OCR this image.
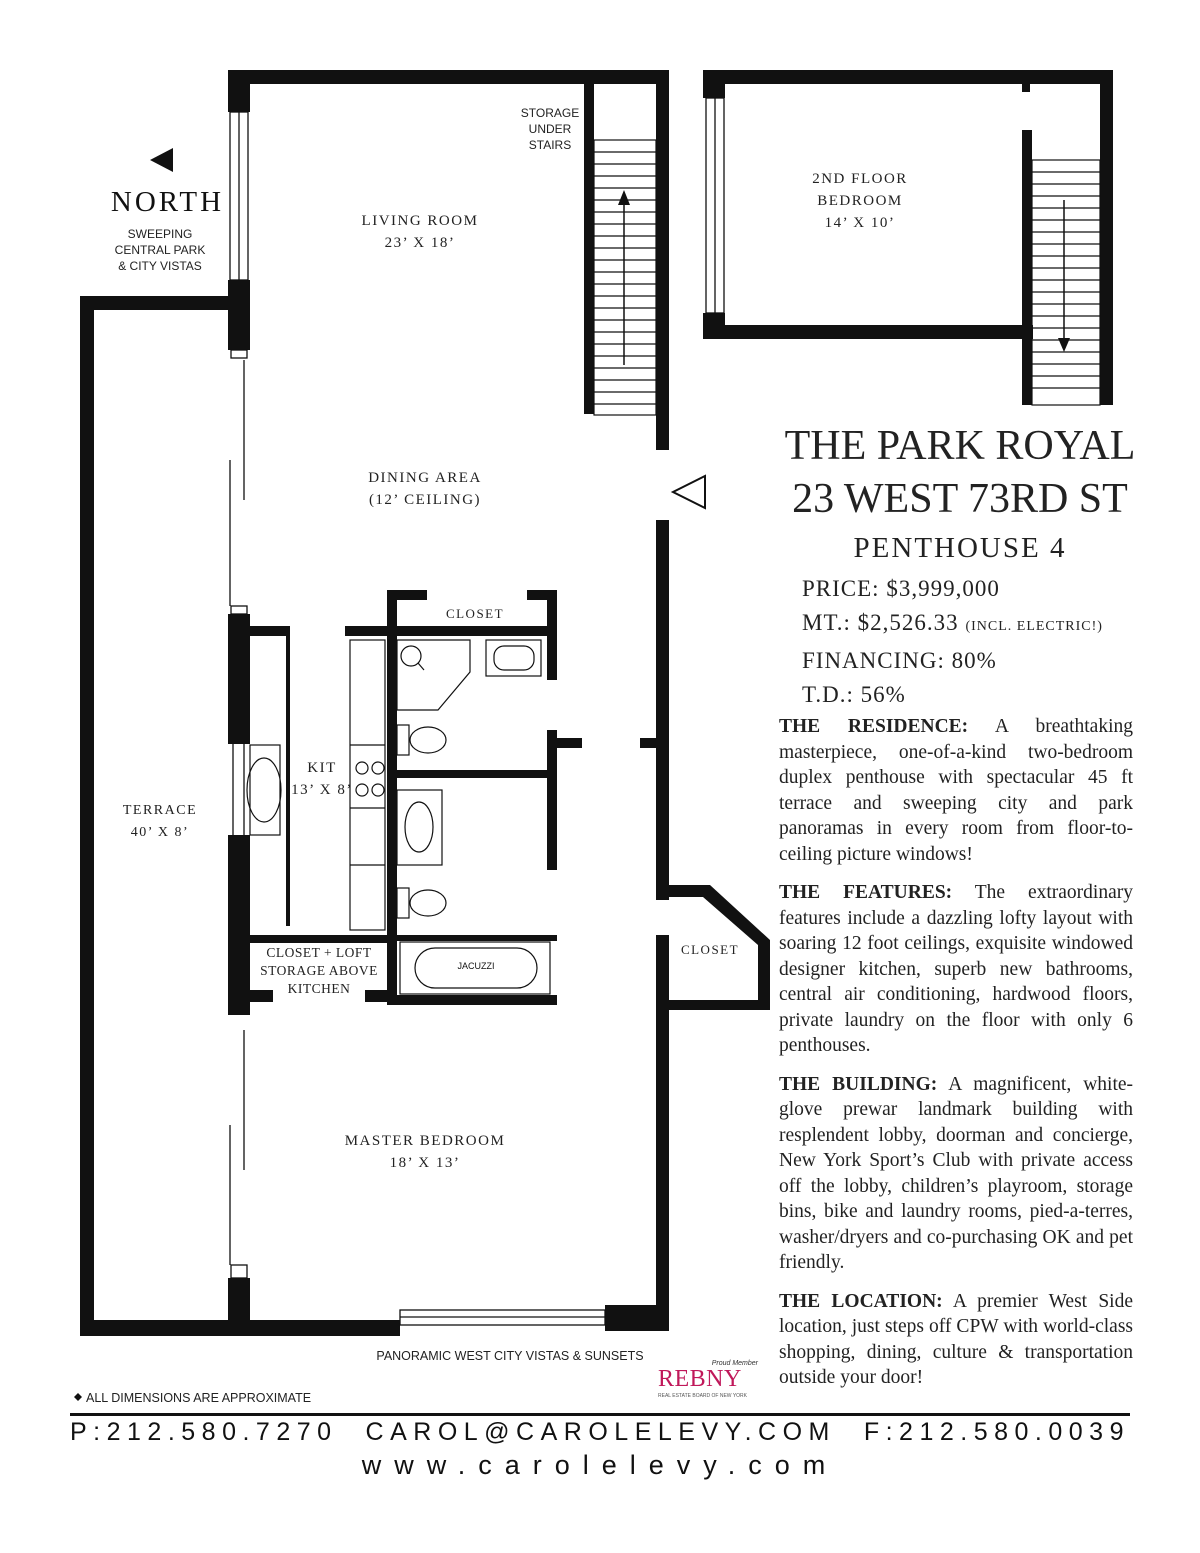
NORTH
SWEEPING
CENTRAL PARK
& CITY VISTAS
STORAGE
UNDER
STAIRS
LIVING ROOM
23’ X 18’
2ND FLOOR
BEDROOM
14’ X 10’
DINING AREA
(12’ CEILING)
CLOSET
KIT
13’ X 8’
TERRACE
40’ X 8’
CLOSET + LOFT
STORAGE ABOVE
KITCHEN
JACUZZI
CLOSET
MASTER BEDROOM
18’ X 13’
PANORAMIC WEST CITY VISTAS & SUNSETS
ALL DIMENSIONS ARE APPROXIMATE
THE PARK ROYAL
23 WEST 73RD ST
PENTHOUSE 4
PRICE: $3,999,000
MT.: $2,526.33 (INCL. ELECTRIC!)
FINANCING: 80%
T.D.: 56%

THE RESIDENCE: A breathtaking masterpiece, one-of-a-kind two-bedroom duplex penthouse with spectacular 45 ft terrace and sweeping city and park panoramas in every room from floor-to-ceiling picture windows!

THE FEATURES: The extraordinary features include a dazzling lofty layout with soaring 12 foot ceilings, exquisite windowed designer kitchen, superb new bathrooms, central air conditioning, hardwood floors, private laundry on the floor with only 6 penthouses.

THE BUILDING: A magnificent, white-glove prewar landmark building with resplendent lobby, doorman and concierge, New York Sport’s Club with private access off the lobby, children’s playroom, storage bins, bike and laundry rooms, pied-a-terres, washer/dryers and co-purchasing OK and pet friendly.

THE LOCATION: A premier West Side location, just steps off CPW with world-class shopping, dining, culture & transportation outside your door!

Proud Member
REBNY
REAL ESTATE BOARD OF NEW YORK
P:212.580.7270 CAROL@CAROLELEVY.COM F:212.580.0039
www.carolelevy.com
